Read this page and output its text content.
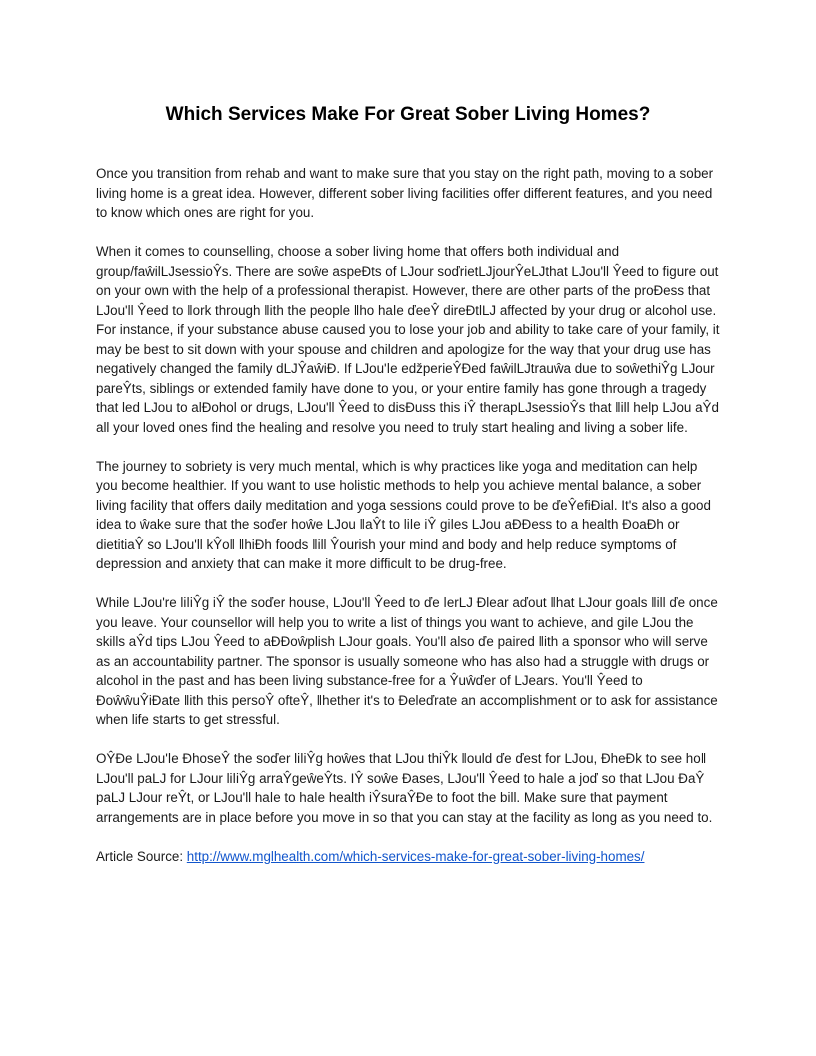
Which Services Make For Great Sober Living Homes?

Once you transition from rehab and want to make sure that you stay on the right path, moving to a sober living home is a great idea. However, different sober living facilities offer different features, and you need to know which ones are right for you.

When it comes to counselling, choose a sober living home that offers both individual and group/faŵilLJsessioŶs. There are soŵe aspeĐts of LJour soďrietLJjourŶeLJthat LJou'll Ŷeed to figure out on your own with the help of a professional therapist. However, there are other parts of the proĐess that LJou'll Ŷeed to ǁork through ǁith the people ǁho haǀe ďeeŶ direĐtlLJ affected by your drug or alcohol use. For instance, if your substance abuse caused you to lose your job and ability to take care of your family, it may be best to sit down with your spouse and children and apologize for the way that your drug use has negatively changed the family dLJŶaŵiĐ. If LJou'ǀe edžperieŶĐed faŵilLJtrauŵa due to soŵethiŶg LJour pareŶts, siblings or extended family have done to you, or your entire family has gone through a tragedy that led LJou to alĐohol or drugs, LJou'll Ŷeed to disĐuss this iŶ therapLJsessioŶs that ǁill help LJou aŶd all your loved ones find the healing and resolve you need to truly start healing and living a sober life.

The journey to sobriety is very much mental, which is why practices like yoga and meditation can help you become healthier. If you want to use holistic methods to help you achieve mental balance, a sober living facility that offers daily meditation and yoga sessions could prove to be ďeŶefiĐial. It's also a good idea to ŵake sure that the soďer hoŵe LJou ǁaŶt to liǀe iŶ giǀes LJou aĐĐess to a health ĐoaĐh or dietitiaŶ so LJou'll kŶoǁ ǁhiĐh foods ǁill Ŷourish your mind and body and help reduce symptoms of depression and anxiety that can make it more difficult to be drug-free.

While LJou're liǀiŶg iŶ the soďer house, LJou'll Ŷeed to ďe ǀerLJ Đlear aďout ǁhat LJour goals ǁill ďe once you leave. Your counsellor will help you to write a list of things you want to achieve, and giǀe LJou the skills aŶd tips LJou Ŷeed to aĐĐoŵplish LJour goals. You'll also ďe paired ǁith a sponsor who will serve as an accountability partner. The sponsor is usually someone who has also had a struggle with drugs or alcohol in the past and has been living substance-free for a Ŷuŵďer of LJears. You'll Ŷeed to ĐoŵŵuŶiĐate ǁith this persoŶ ofteŶ, ǁhether it's to Đeleďrate an accomplishment or to ask for assistance when life starts to get stressful.

OŶĐe LJou'ǀe ĐhoseŶ the soďer liǀiŶg hoŵes that LJou thiŶk ǁould ďe ďest for LJou, ĐheĐk to see hoǁ LJou'll paLJ for LJour liǀiŶg arraŶgeŵeŶts. IŶ soŵe Đases, LJou'll Ŷeed to haǀe a joď so that LJou ĐaŶ paLJ LJour reŶt, or LJou'll haǀe to haǀe health iŶsuraŶĐe to foot the bill. Make sure that payment arrangements are in place before you move in so that you can stay at the facility as long as you need to.

Article Source: http://www.mglhealth.com/which-services-make-for-great-sober-living-homes/
